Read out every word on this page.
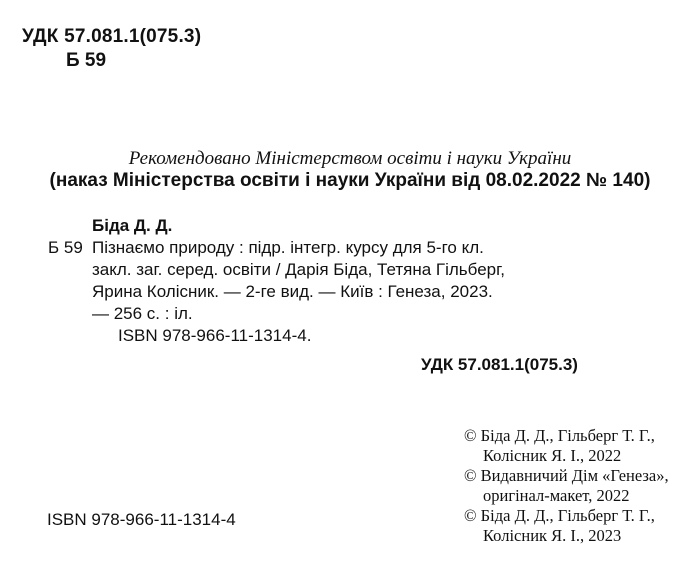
УДК 57.081.1(075.3)
Б 59
Рекомендовано Міністерством освіти і науки України
(наказ Міністерства освіти і науки України від 08.02.2022 № 140)
Біда Д. Д.
Б 59 Пізнаємо природу : підр. інтегр. курсу для 5-го кл.
закл. заг. серед. освіти / Дарія Біда, Тетяна Гільберг,
Ярина Колісник. — 2-ге вид. — Київ : Генеза, 2023.
— 256 с. : іл.
ISBN 978-966-11-1314-4.
УДК 57.081.1(075.3)
© Біда Д. Д., Гільберг Т. Г.,
Колісник Я. І., 2022
© Видавничий Дім «Генеза»,
оригінал-макет, 2022
© Біда Д. Д., Гільберг Т. Г.,
Колісник Я. І., 2023
ISBN 978-966-11-1314-4
